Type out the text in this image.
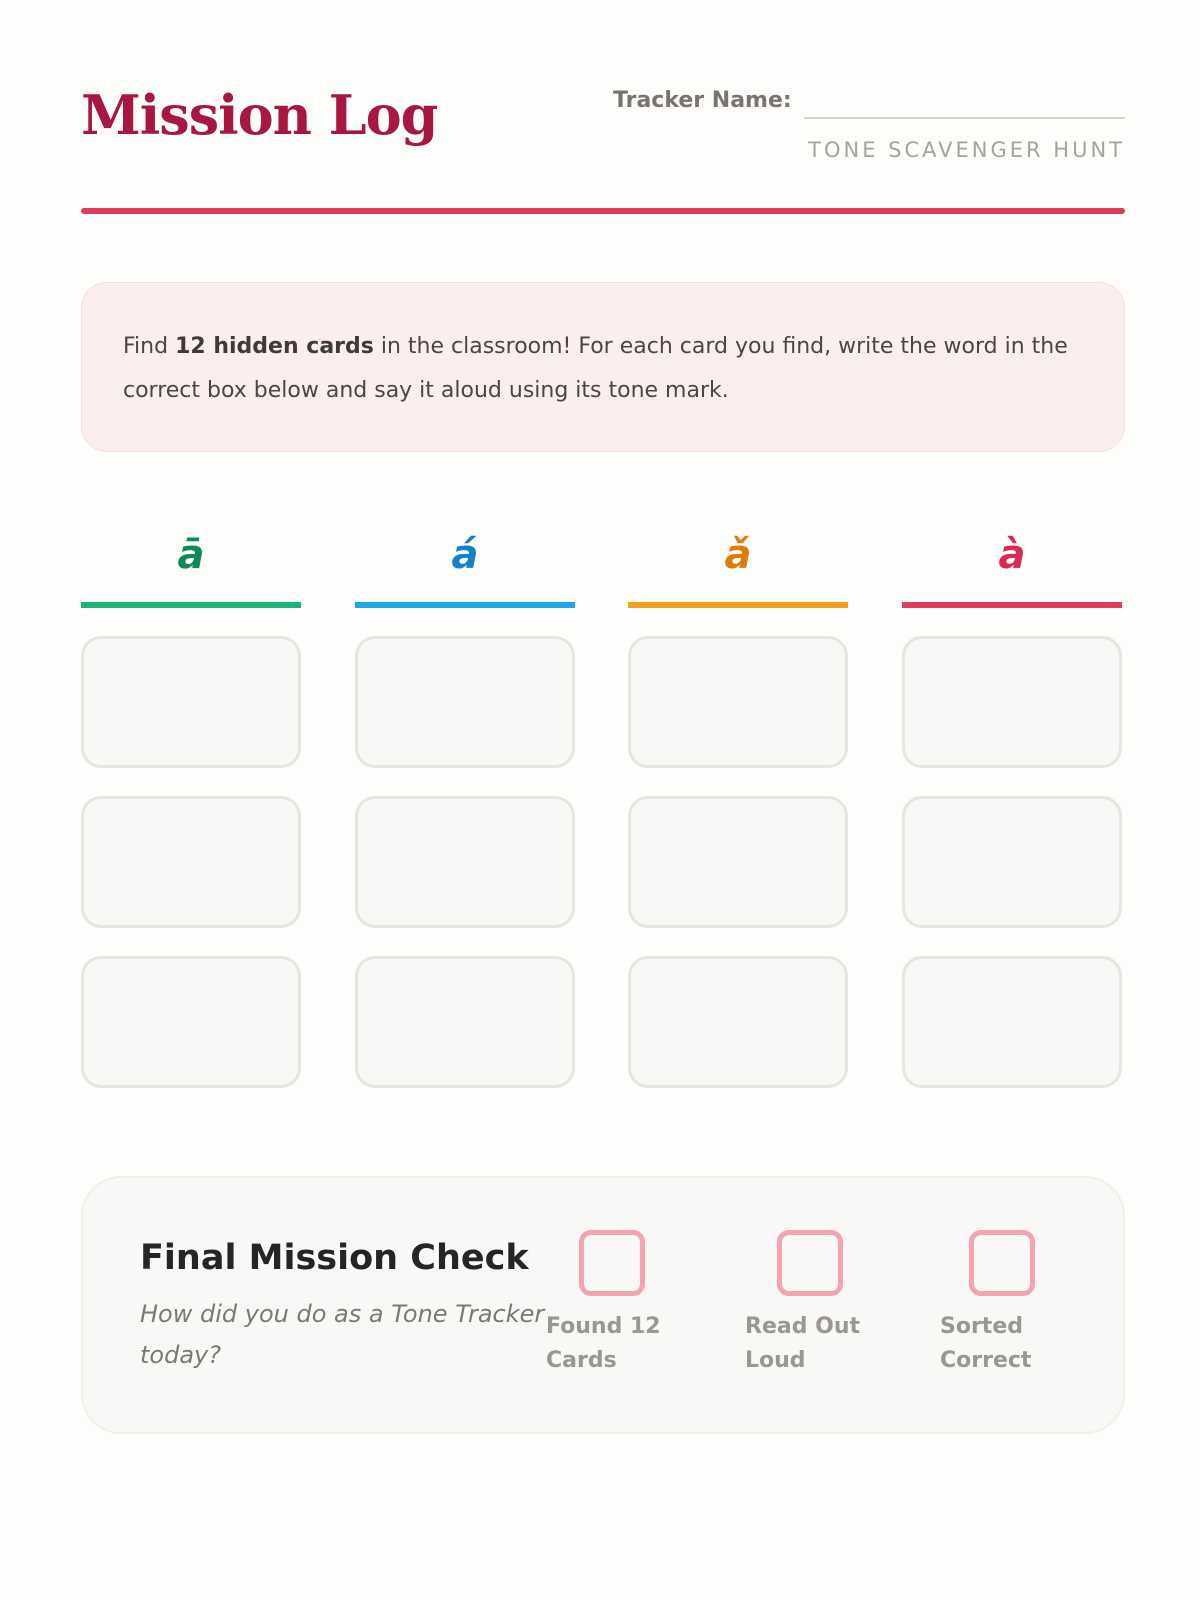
Mission Log	Tracker Name:
TONE SCAVENGER HUNT
Find 12 hidden cards in the classroom! For each card you find, write the word in the correct box below and say it aloud using its tone mark.
ā	á	ǎ	à
Final Mission Check

How did you do as a Tone Tracker today?

Found 12 Cards
Read Out Loud
Sorted Correct
